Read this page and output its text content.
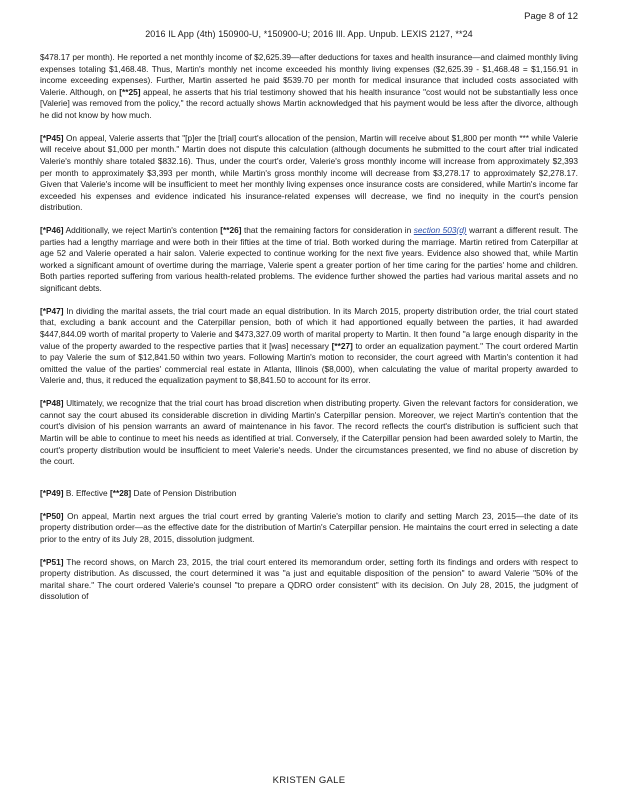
Page 8 of 12
2016 IL App (4th) 150900-U, *150900-U; 2016 Ill. App. Unpub. LEXIS 2127, **24

$478.17 per month). He reported a net monthly income of $2,625.39—after deductions for taxes and health insurance—and claimed monthly living expenses totaling $1,468.48. Thus, Martin's monthly net income exceeded his monthly living expenses ($2,625.39 - $1,468.48 = $1,156.91 in income exceeding expenses). Further, Martin asserted he paid $539.70 per month for medical insurance that included costs associated with Valerie. Although, on [**25] appeal, he asserts that his trial testimony showed that his health insurance "cost would not be substantially less once [Valerie] was removed from the policy," the record actually shows Martin acknowledged that his payment would be less after the divorce, although he did not know by how much.

[*P45] On appeal, Valerie asserts that "[p]er the [trial] court's allocation of the pension, Martin will receive about $1,800 per month *** while Valerie will receive about $1,000 per month." Martin does not dispute this calculation (although documents he submitted to the court after trial indicated Valerie's monthly share totaled $832.16). Thus, under the court's order, Valerie's gross monthly income will increase from approximately $2,393 per month to approximately $3,393 per month, while Martin's gross monthly income will decrease from $3,278.17 to approximately $2,278.17. Given that Valerie's income will be insufficient to meet her monthly living expenses once insurance costs are considered, while Martin's income far exceeded his expenses and evidence indicated his insurance-related expenses will decrease, we find no inequity in the court's pension distribution.

[*P46] Additionally, we reject Martin's contention [**26] that the remaining factors for consideration in section 503(d) warrant a different result. The parties had a lengthy marriage and were both in their fifties at the time of trial. Both worked during the marriage. Martin retired from Caterpillar at age 52 and Valerie operated a hair salon. Valerie expected to continue working for the next five years. Evidence also showed that, while Martin worked a significant amount of overtime during the marriage, Valerie spent a greater portion of her time caring for the parties' home and children. Both parties reported suffering from various health-related problems. The evidence further showed the parties had various marital assets and no significant debts.

[*P47] In dividing the marital assets, the trial court made an equal distribution. In its March 2015, property distribution order, the trial court stated that, excluding a bank account and the Caterpillar pension, both of which it had apportioned equally between the parties, it had awarded $447,844.09 worth of marital property to Valerie and $473,327.09 worth of marital property to Martin. It then found "a large enough disparity in the value of the property awarded to the respective parties that it [was] necessary [**27] to order an equalization payment." The court ordered Martin to pay Valerie the sum of $12,841.50 within two years. Following Martin's motion to reconsider, the court agreed with Martin's contention it had omitted the value of the parties' commercial real estate in Atlanta, Illinois ($8,000), when calculating the value of marital property awarded to Valerie and, thus, it reduced the equalization payment to $8,841.50 to account for its error.

[*P48] Ultimately, we recognize that the trial court has broad discretion when distributing property. Given the relevant factors for consideration, we cannot say the court abused its considerable discretion in dividing Martin's Caterpillar pension. Moreover, we reject Martin's contention that the court's division of his pension warrants an award of maintenance in his favor. The record reflects the court's distribution is sufficient such that Martin will be able to continue to meet his needs as identified at trial. Conversely, if the Caterpillar pension had been awarded solely to Martin, the court's property distribution would be insufficient to meet Valerie's needs. Under the circumstances presented, we find no abuse of discretion by the court.

[*P49] B. Effective [**28] Date of Pension Distribution

[*P50] On appeal, Martin next argues the trial court erred by granting Valerie's motion to clarify and setting March 23, 2015—the date of its property distribution order—as the effective date for the distribution of Martin's Caterpillar pension. He maintains the court erred in selecting a date prior to the entry of its July 28, 2015, dissolution judgment.

[*P51] The record shows, on March 23, 2015, the trial court entered its memorandum order, setting forth its findings and orders with respect to property distribution. As discussed, the court determined it was "a just and equitable disposition of the pension" to award Valerie "50% of the marital share." The court ordered Valerie's counsel "to prepare a QDRO order consistent" with its decision. On July 28, 2015, the judgment of dissolution of

KRISTEN GALE
